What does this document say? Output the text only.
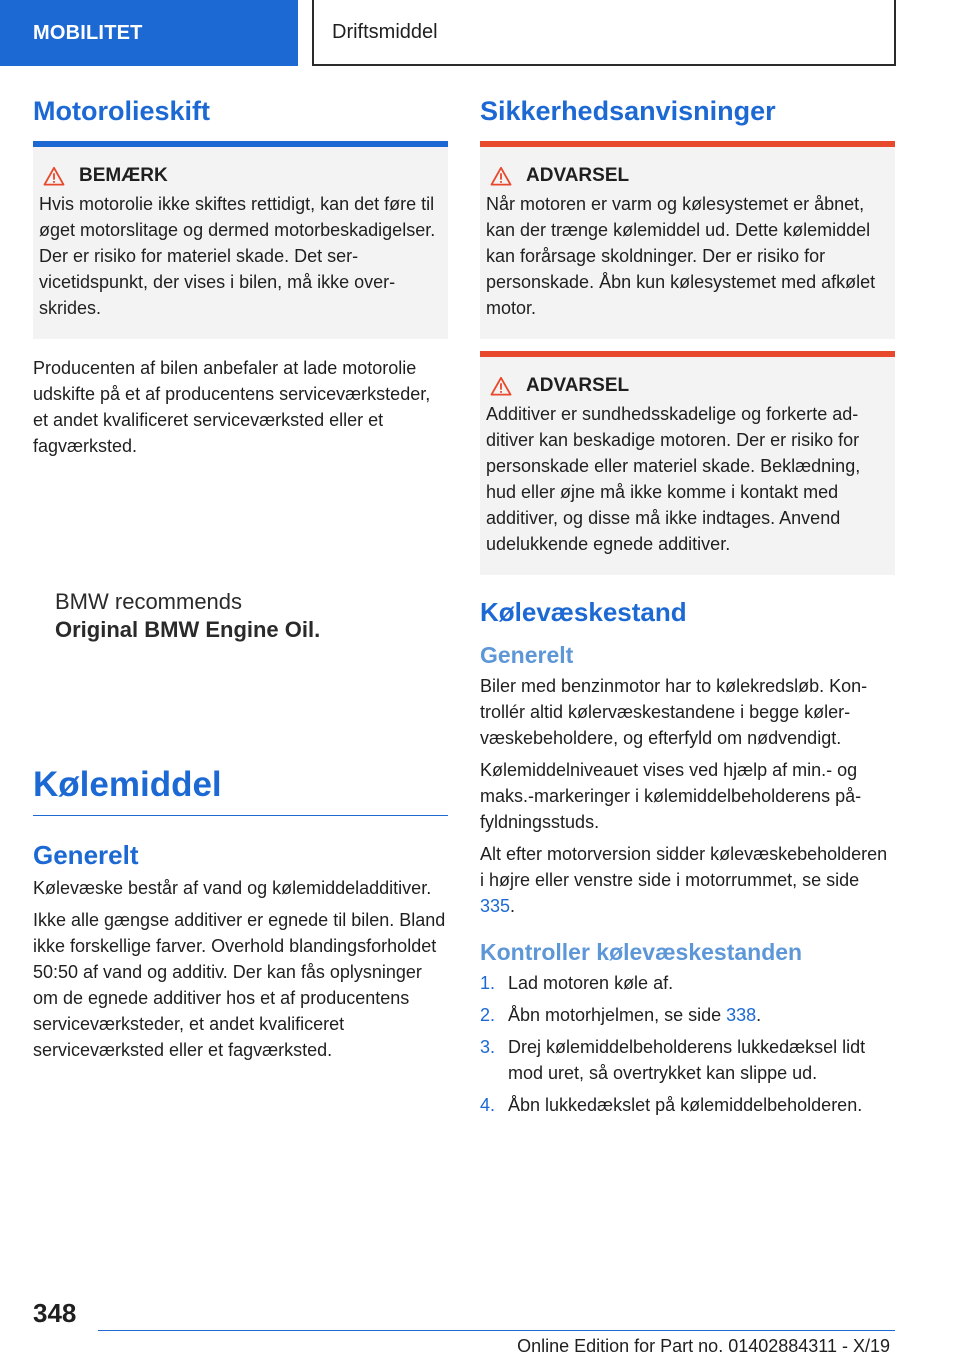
MOBILITET	Driftsmiddel
Motorolieskift
BEMÆRK

Hvis motorolie ikke skiftes rettidigt, kan det føre til øget motorslitage og dermed motorbeskadigelser. Der er risiko for materiel skade. Det servicetidspunkt, der vises i bilen, må ikke overskrides.

Producenten af bilen anbefaler at lade motorolie udskifte på et af producentens serviceværksteder, et andet kvalificeret serviceværksted eller et fagværksted.

BMW recommends
Original BMW Engine Oil.
Kølemiddel
Generelt

Kølevæske består af vand og kølemiddeladditiver.

Ikke alle gængse additiver er egnede til bilen. Bland ikke forskellige farver. Overhold blandingsforholdet 50:50 af vand og additiv. Der kan fås oplysninger om de egnede additiver hos et af producentens serviceværksteder, et andet kvalificeret serviceværksted eller et fagværksted.

Sikkerhedsanvisninger
ADVARSEL

Når motoren er varm og kølesystemet er åbnet, kan der trænge kølemiddel ud. Dette kølemiddel kan forårsage skoldninger. Der er risiko for personskade. Åbn kun kølesystemet med afkølet motor.

ADVARSEL

Additiver er sundhedsskadelige og forkerte additiver kan beskadige motoren. Der er risiko for personskade eller materiel skade. Beklædning, hud eller øjne må ikke komme i kontakt med additiver, og disse må ikke indtages. Anvend udelukkende egnede additiver.

Kølevæskestand
Generelt

Biler med benzinmotor har to kølekredsløb. Kontrollér altid kølervæskestandene i begge kølervæskebeholdere, og efterfyld om nødvendigt.

Kølemiddelniveauet vises ved hjælp af min.- og maks.-markeringer i kølemiddelbeholderens påfyldningsstuds.

Alt efter motorversion sidder kølevæskebeholderen i højre eller venstre side i motorrummet, se side 335.

Kontroller kølevæskestanden
1. Lad motoren køle af.
2. Åbn motorhjelmen, se side 338.
3. Drej kølemiddelbeholderens lukkedæksel lidt mod uret, så overtrykket kan slippe ud.
4. Åbn lukkedækslet på kølemiddelbeholderen.
348
Online Edition for Part no. 01402884311 - X/19
